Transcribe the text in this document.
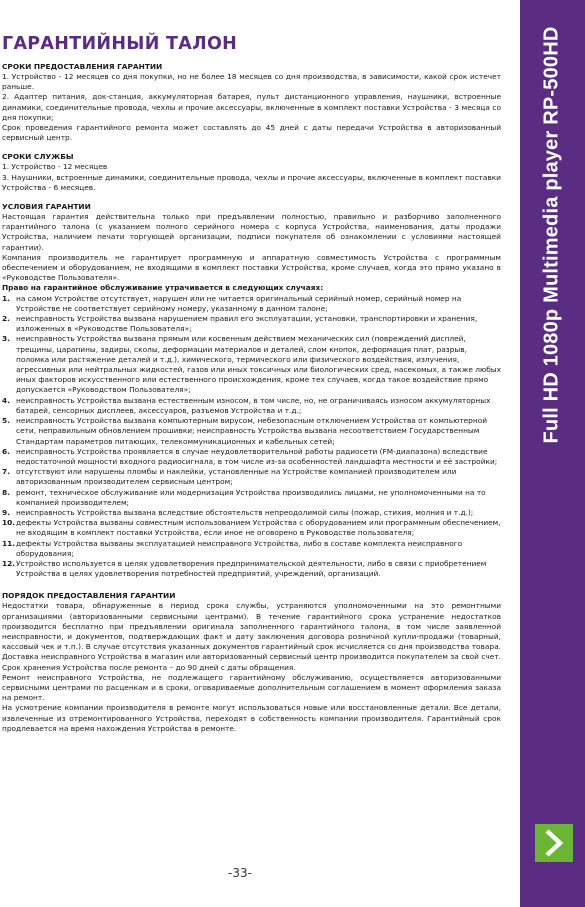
ГАРАНТИЙНЫЙ ТАЛОН

СРОКИ ПРЕДОСТАВЛЕНИЯ ГАРАНТИИ

1. Устройство - 12 месяцев со дня покупки, но не более 18 месяцев со дня производства, в зависимости, какой срок истечет раньше.

2. Адаптер питания, док-станция, аккумуляторная батарея, пульт дистанционного управления, наушники, встроенные динамики, соединительные провода, чехлы и прочие аксессуары, включенные в комплект поставки Устройства - 3 месяца со дня покупки;

Срок проведения гарантийного ремонта может составлять до 45 дней с даты передачи Устройства в авторизованный сервисный центр.

СРОКИ СЛУЖБЫ

1. Устройство - 12 месяцев

3. Наушники, встроенные динамики, соединительные провода, чехлы и прочие аксессуары, включенные в комплект поставки Устройства - 6 месяцев.

УСЛОВИЯ ГАРАНТИИ

Настоящая гарантия действительна только при предъявлении полностью, правильно и разборчиво заполненного гарантийного талона (с указанием полного серийного номера с корпуса Устройства, наименования, даты продажи Устройства, наличием печати торгующей организации, подписи покупателя об ознакомлении с условиями настоящей гарантии).

Компания производитель не гарантирует программную и аппаратную совместимость Устройства с программным обеспечением и оборудованием, не входящими в комплект поставки Устройства, кроме случаев, когда это прямо указано в «Руководстве Пользователя».

Право на гарантийное обслуживание утрачивается в следующих случаях:

1. на самом Устройстве отсутствует, нарушен или не читается оригинальный серийный номер, серийный номер на Устройстве не соответствует серийному номеру, указанному в данном талоне;
2. неисправность Устройства вызвана нарушением правил его эксплуатации, установки, транспортировки и хранения, изложенных в «Руководстве Пользователя»;
3. неисправность Устройства вызвана прямым или косвенным действием механических сил (повреждений дисплей, трещины, царапины, задиры, сколы, деформации материалов и деталей, слом кнопок, деформация плат, разрыв, поломка или растяжение деталей и т.д.), химического, термического или физического воздействия, излучения, агрессивных или нейтральных жидкостей, газов или иных токсичных или биологических сред, насекомых, а также любых иных факторов искусственного или естественного происхождения, кроме тех случаев, когда такое воздействие прямо допускается «Руководством Пользователя»;
4. неисправность Устройства вызвана естественным износом, в том числе, но, не ограничиваясь износом аккумуляторных батарей, сенсорных дисплеев, аксессуаров, разъемов Устройства и т.д.;
5. неисправность Устройства вызвана компьютерным вирусом, небезопасным отключением Устройства от компьютерной сети, неправильным обновлением прошивки; неисправность Устройства вызвана несоответствием Государственным Стандартам параметров питающих, телекоммуникационных и кабельных сетей;
6. неисправность Устройства проявляется в случае неудовлетворительной работы радиосети (FM-диапазона) вследствие недостаточной мощности входного радиосигнала, в том числе из-за особенностей ландшафта местности и её застройки;
7. отсутствуют или нарушены пломбы и наклейки, установленные на Устройстве компанией производителем или авторизованным производителем сервисным центром;
8. ремонт, техническое обслуживание или модернизация Устройства производились лицами, не уполномоченными на то компанией производителем;
9. неисправность Устройства вызвана вследствие обстоятельств непреодолимой силы (пожар, стихия, молния и т.д.);
10. дефекты Устройства вызваны совместным использованием Устройства с оборудованием или программным обеспечением, не входящим в комплект поставки Устройства, если иное не оговорено в Руководстве пользователя;
11. дефекты Устройства вызваны эксплуатацией неисправного Устройства, либо в составе комплекта неисправного оборудования;
12. Устройство используется в целях удовлетворения предпринимательской деятельности, либо в связи с приобретением Устройства в целях удовлетворения потребностей предприятий, учреждений, организаций.

ПОРЯДОК ПРЕДОСТАВЛЕНИЯ ГАРАНТИИ

Недостатки товара, обнаруженные в период срока службы, устраняются уполномоченными на это ремонтными организациями (авторизованными сервисными центрами). В течение гарантийного срока устранение недостатков производится бесплатно при предъявлении оригинала заполненного гарантийного талона, в том числе заявленной неисправности, и документов, подтверждающих факт и дату заключения договора розничной купли-продажи (товарный, кассовый чек и т.п.). В случае отсутствия указанных документов гарантийный срок исчисляется со дня производства товара. Доставка неисправного Устройства в магазин или авторизованный сервисный центр производится покупателем за свой счет. Срок хранения Устройства после ремонта – до 90 дней с даты обращения.

Ремонт неисправного Устройства, не подлежащего гарантийному обслуживанию, осуществляется авторизованными сервисными центрами по расценкам и в сроки, оговариваемые дополнительным соглашением в момент оформления заказа на ремонт.

На усмотрение компании производителя в ремонте могут использоваться новые или восстановленные детали. Все детали, извлеченные из отремонтированного Устройства, переходят в собственность компании производителя. Гарантийный срок продлевается на время нахождения Устройства в ремонте.

-33-
Full HD 1080p Multimedia player RP-500HD
